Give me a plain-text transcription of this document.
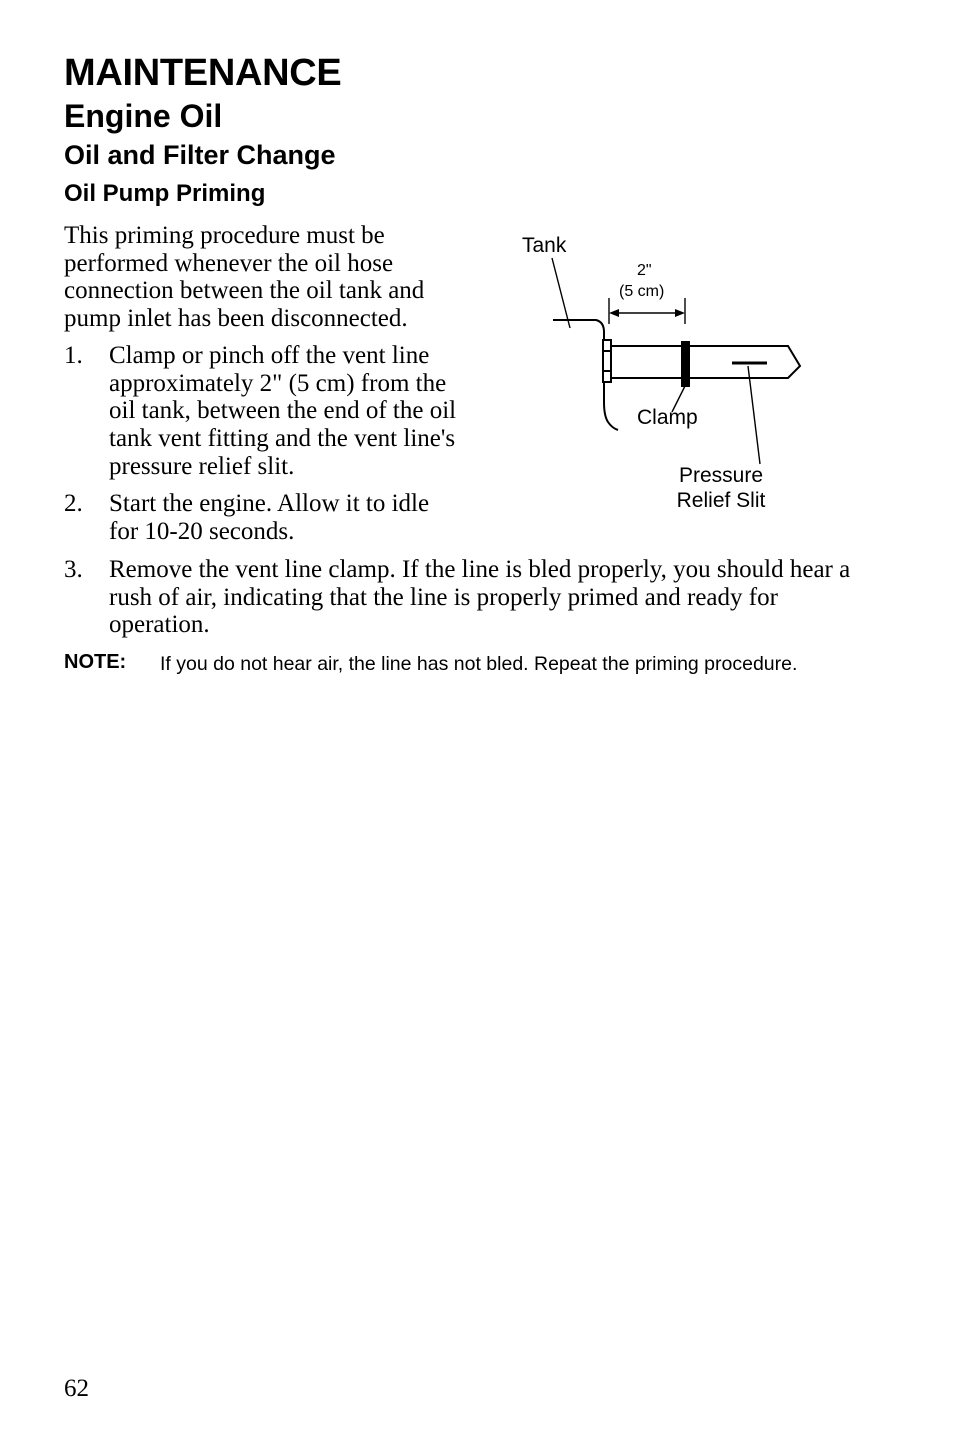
MAINTENANCE
Engine Oil
Oil and Filter Change
Oil Pump Priming
This priming procedure must be performed whenever the oil hose connection between the oil tank and pump inlet has been disconnected.
1. Clamp or pinch off the vent line approximately 2" (5 cm) from the oil tank, between the end of the oil tank vent fitting and the vent line's pressure relief slit.
2. Start the engine. Allow it to idle for 10-20 seconds.
3. Remove the vent line clamp. If the line is bled properly, you should hear a rush of air, indicating that the line is properly primed and ready for operation.
NOTE: If you do not hear air, the line has not bled. Repeat the priming procedure.
Tank
2"
(5 cm)
Clamp
Pressure
Relief Slit
62
